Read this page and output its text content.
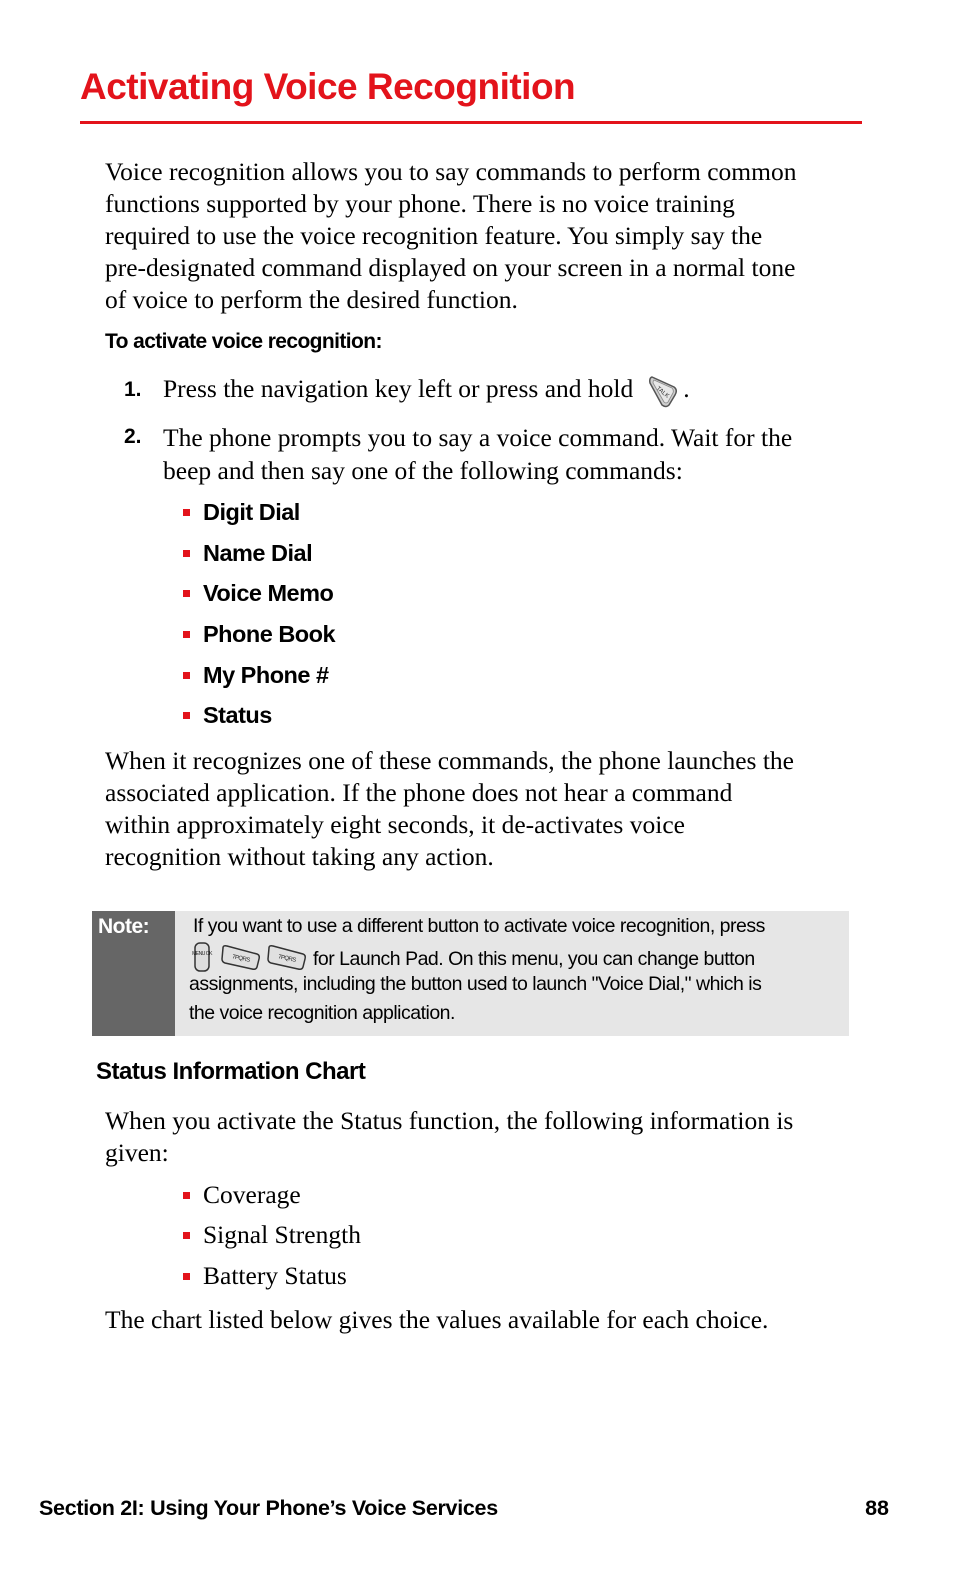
Activating Voice Recognition
Voice recognition allows you to say commands to perform common
functions supported by your phone. There is no voice training
required to use the voice recognition feature. You simply say the
pre-designated command displayed on your screen in a normal tone
of voice to perform the desired function.
To activate voice recognition:
1. Press the navigation key left or press and hold	TALK .
2. The phone prompts you to say a voice command. Wait for the
beep and then say one of the following commands:
Digit Dial
Name Dial
Voice Memo
Phone Book
My Phone #
Status
When it recognizes one of these commands, the phone launches the
associated application. If the phone does not hear a command
within approximately eight seconds, it de-activates voice
recognition without taking any action.
Note: If you want to use a different button to activate voice recognition, press
MENU OK
7PQRS	7PQRS for Launch Pad. On this menu, you can change button
assignments, including the button used to launch "Voice Dial," which is
the voice recognition application.
Status Information Chart
When you activate the Status function, the following information is
given:
Coverage
Signal Strength
Battery Status
The chart listed below gives the values available for each choice.
Section 2I: Using Your Phone’s Voice Services	88
